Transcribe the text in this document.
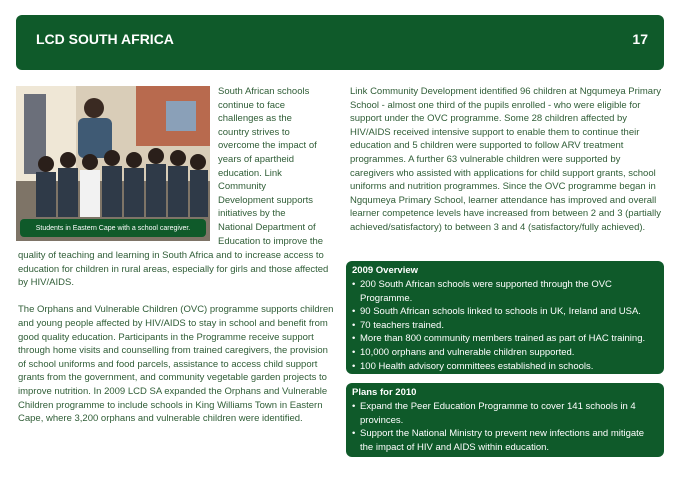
LCD SOUTH AFRICA	17
Students in Eastern Cape with a school caregiver.
South African schools
continue to face
challenges as the
country strives to
overcome the impact of
years of apartheid
education. Link
Community
Development supports
initiatives by the
National Department of
Education to improve the

quality of teaching and learning in South Africa and to increase access to education for children in rural areas, especially for girls and those affected by HIV/AIDS.

The Orphans and Vulnerable Children (OVC) programme supports children and young people affected by HIV/AIDS to stay in school and benefit from good quality education. Participants in the Programme receive support through home visits and counselling from trained caregivers, the provision of school uniforms and food parcels, assistance to access child support grants from the government, and community vegetable garden projects to improve nutrition. In 2009 LCD SA expanded the Orphans and Vulnerable Children programme to include schools in King Williams Town in Eastern Cape, where 3,200 orphans and vulnerable children were identified.

Link Community Development identified 96 children at Ngqumeya Primary School - almost one third of the pupils enrolled - who were eligible for support under the OVC programme. Some 28 children affected by HIV/AIDS received intensive support to enable them to continue their education and 5 children were supported to follow ARV treatment programmes. A further 63 vulnerable children were supported by caregivers who assisted with applications for child support grants, school uniforms and nutrition programmes. Since the OVC programme began in Ngqumeya Primary School, learner attendance has improved and overall learner competence levels have increased from between 2 and 3 (partially achieved/satisfactory) to between 3 and 4 (satisfactory/fully achieved).
2009 Overview
• 200 South African schools were supported through the OVC Programme.
• 90 South African schools linked to schools in UK, Ireland and USA.
• 70 teachers trained.
• More than 800 community members trained as part of HAC training.
• 10,000 orphans and vulnerable children supported.
• 100 Health advisory committees established in schools.
Plans for 2010
• Expand the Peer Education Programme to cover 141 schools in 4 provinces.
• Support the National Ministry to prevent new infections and mitigate the impact of HIV and AIDS within education.
